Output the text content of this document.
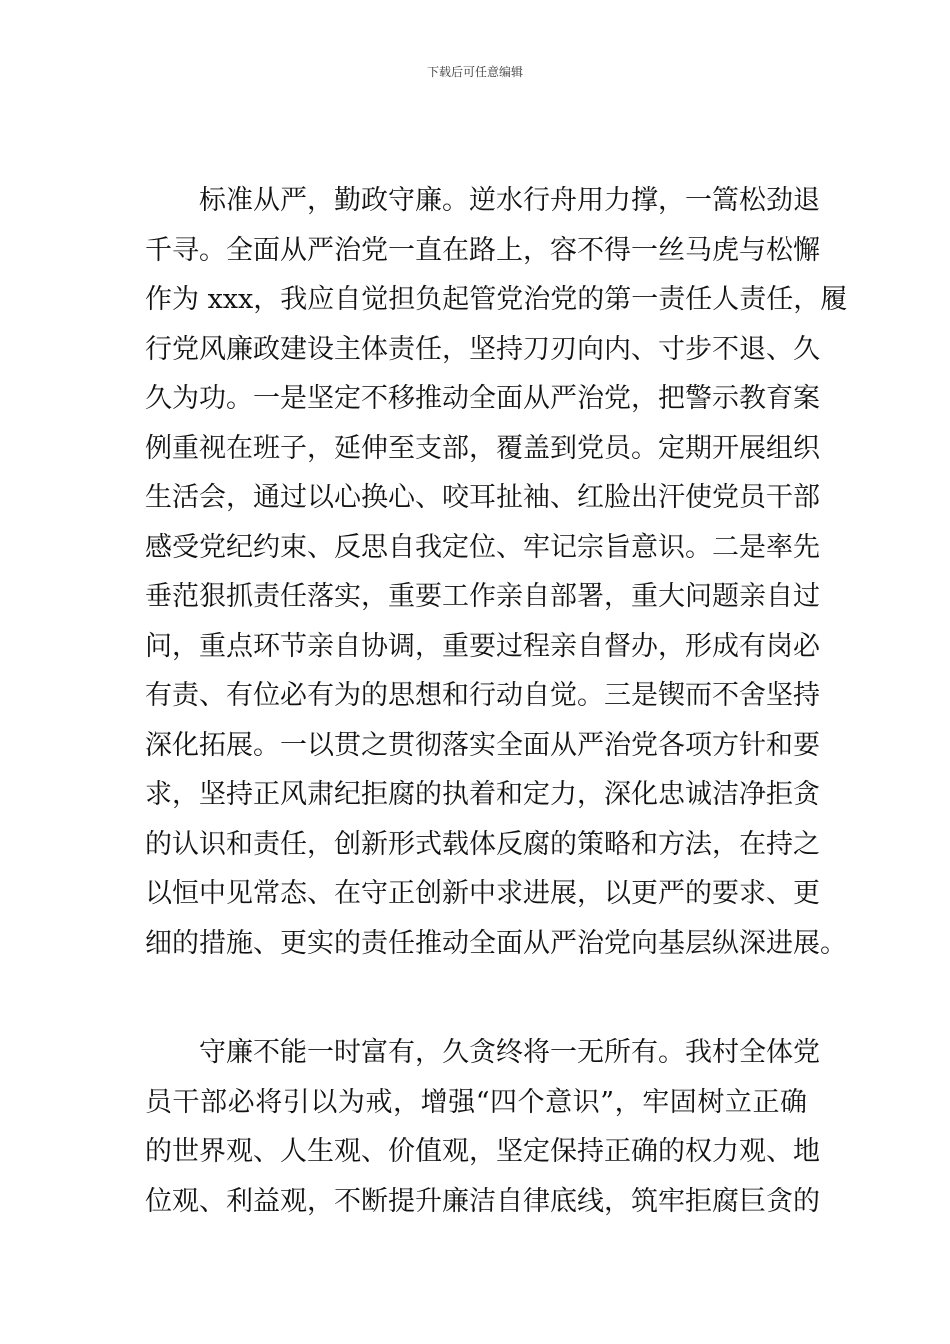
下载后可任意编辑
标准从严，勤政守廉。逆水行舟用力撑，一篙松劲退
千寻。全面从严治党一直在路上，容不得一丝马虎与松懈
作为 xxx，我应自觉担负起管党治党的第一责任人责任，履
行党风廉政建设主体责任，坚持刀刃向内、寸步不退、久
久为功。一是坚定不移推动全面从严治党，把警示教育案
例重视在班子，延伸至支部，覆盖到党员。定期开展组织
生活会，通过以心换心、咬耳扯袖、红脸出汗使党员干部
感受党纪约束、反思自我定位、牢记宗旨意识。二是率先
垂范狠抓责任落实，重要工作亲自部署，重大问题亲自过
问，重点环节亲自协调，重要过程亲自督办，形成有岗必
有责、有位必有为的思想和行动自觉。三是锲而不舍坚持
深化拓展。一以贯之贯彻落实全面从严治党各项方针和要
求，坚持正风肃纪拒腐的执着和定力，深化忠诚洁净拒贪
的认识和责任，创新形式载体反腐的策略和方法，在持之
以恒中见常态、在守正创新中求进展，以更严的要求、更
细的措施、更实的责任推动全面从严治党向基层纵深进展。
守廉不能一时富有，久贪终将一无所有。我村全体党
员干部必将引以为戒，增强“四个意识”，牢固树立正确
的世界观、人生观、价值观，坚定保持正确的权力观、地
位观、利益观，不断提升廉洁自律底线，筑牢拒腐巨贪的
